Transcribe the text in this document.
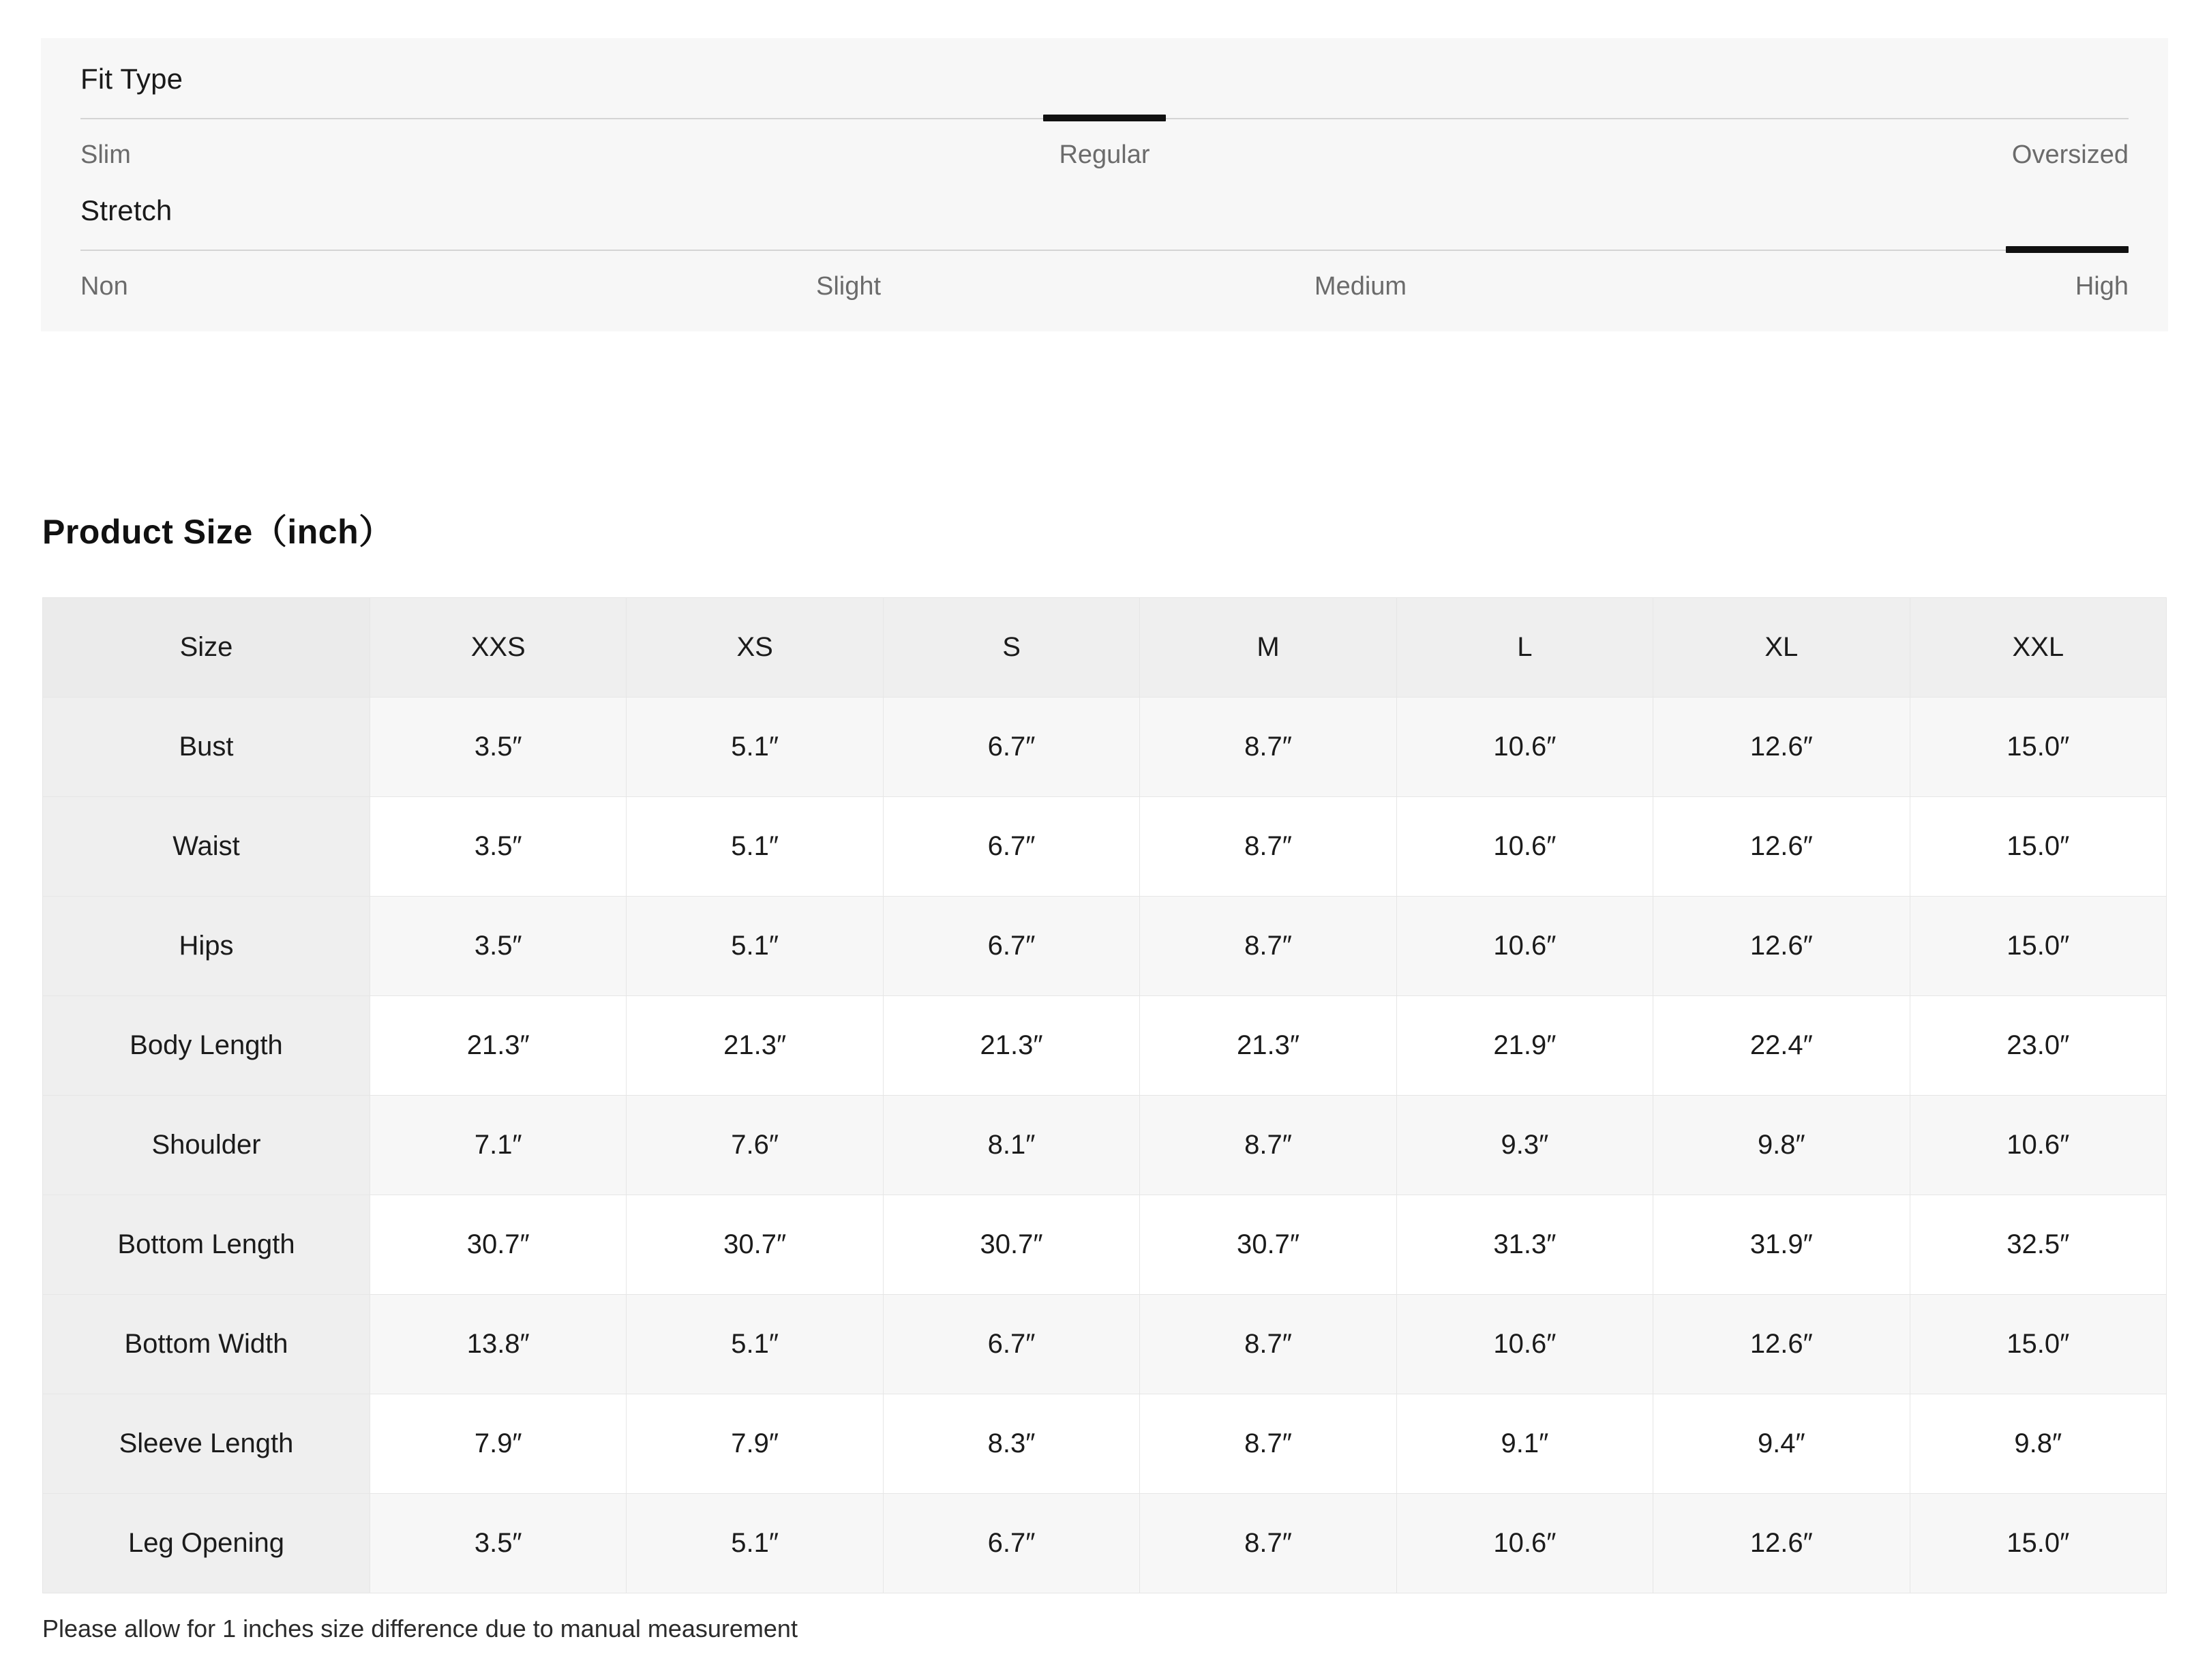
Fit Type
Slim	Regular	Oversized
Stretch
Non	Slight	Medium	High
Product Size（inch）
Size	XXS	XS	S	M	L	XL	XXL
Bust	3.5″	5.1″	6.7″	8.7″	10.6″	12.6″	15.0″
Waist	3.5″	5.1″	6.7″	8.7″	10.6″	12.6″	15.0″
Hips	3.5″	5.1″	6.7″	8.7″	10.6″	12.6″	15.0″
Body Length	21.3″	21.3″	21.3″	21.3″	21.9″	22.4″	23.0″
Shoulder	7.1″	7.6″	8.1″	8.7″	9.3″	9.8″	10.6″
Bottom Length	30.7″	30.7″	30.7″	30.7″	31.3″	31.9″	32.5″
Bottom Width	13.8″	5.1″	6.7″	8.7″	10.6″	12.6″	15.0″
Sleeve Length	7.9″	7.9″	8.3″	8.7″	9.1″	9.4″	9.8″
Leg Opening	3.5″	5.1″	6.7″	8.7″	10.6″	12.6″	15.0″
Please allow for 1 inches size difference due to manual measurement
